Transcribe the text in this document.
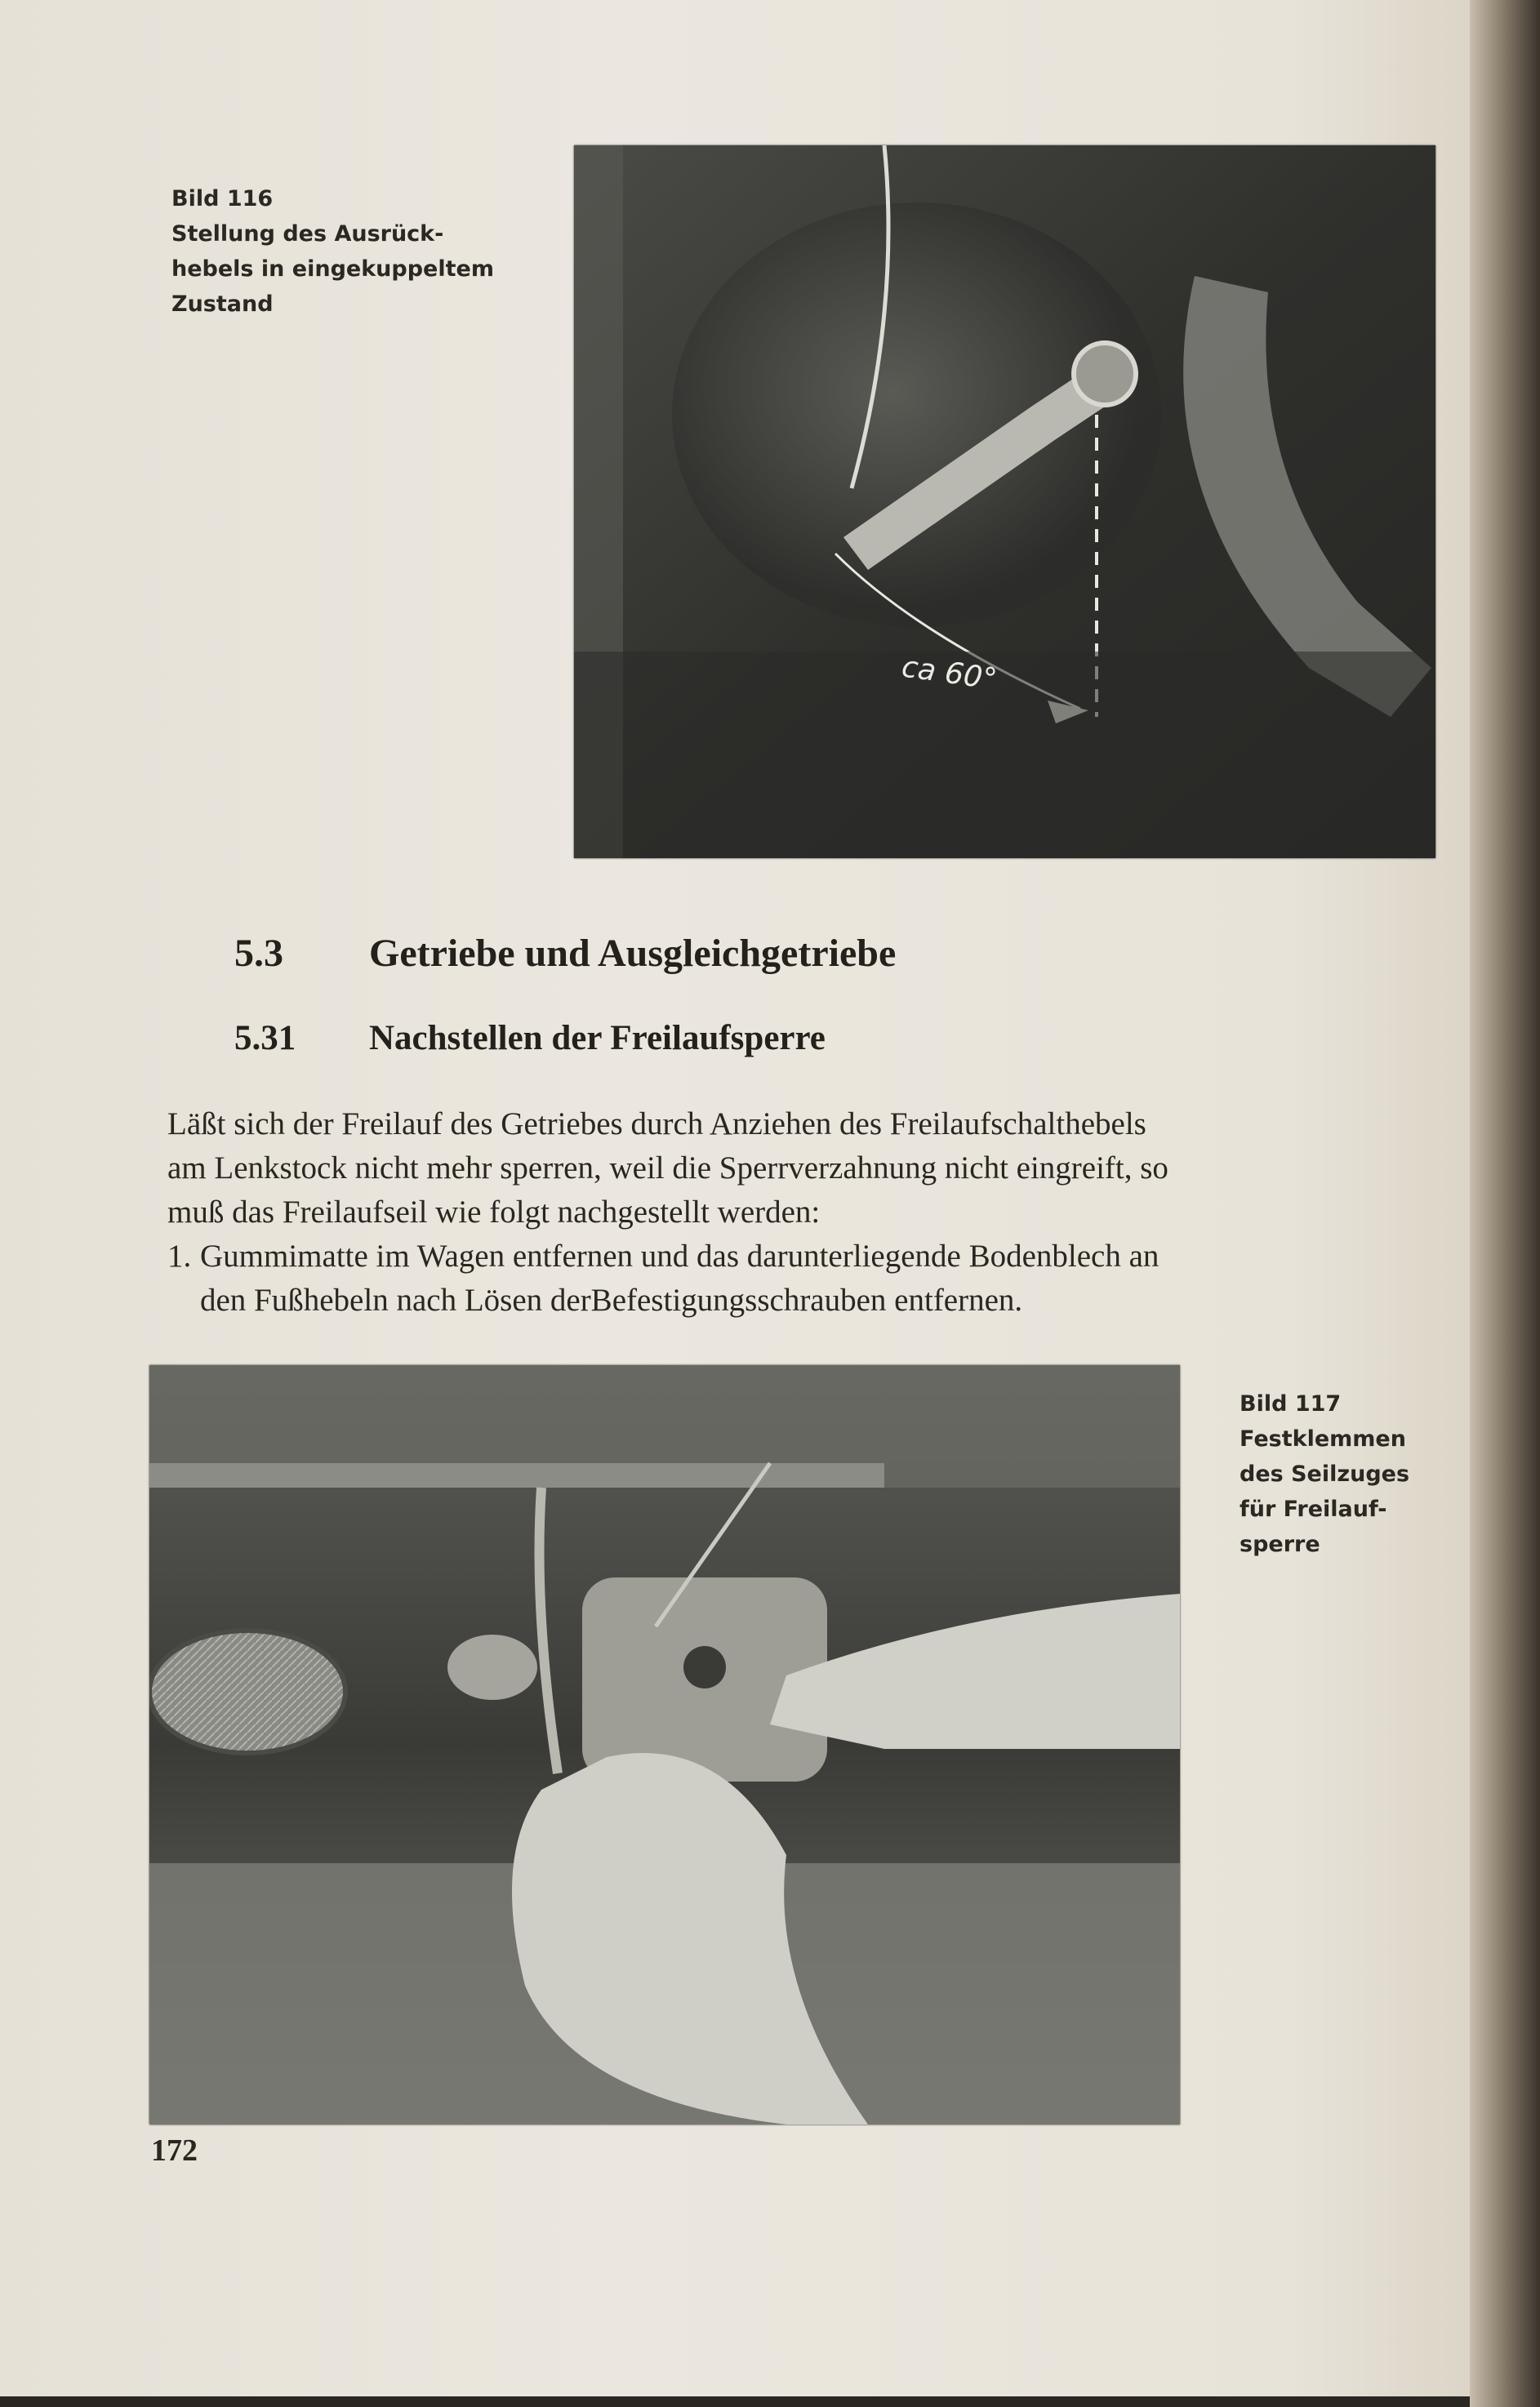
Bild 116
Stellung des Ausrück-
hebels in eingekuppeltem
Zustand
ca 60°
5.3 Getriebe und Ausgleichgetriebe
5.31 Nachstellen der Freilaufsperre
Läßt sich der Freilauf des Getriebes durch Anziehen des Freilaufschalthebels
am Lenkstock nicht mehr sperren, weil die Sperrverzahnung nicht eingreift, so
muß das Freilaufseil wie folgt nachgestellt werden:
1. Gummimatte im Wagen entfernen und das darunterliegende Bodenblech an
den Fußhebeln nach Lösen derBefestigungsschrauben entfernen.
Bild 117
Festklemmen
des Seilzuges
für Freilauf-
sperre
172
